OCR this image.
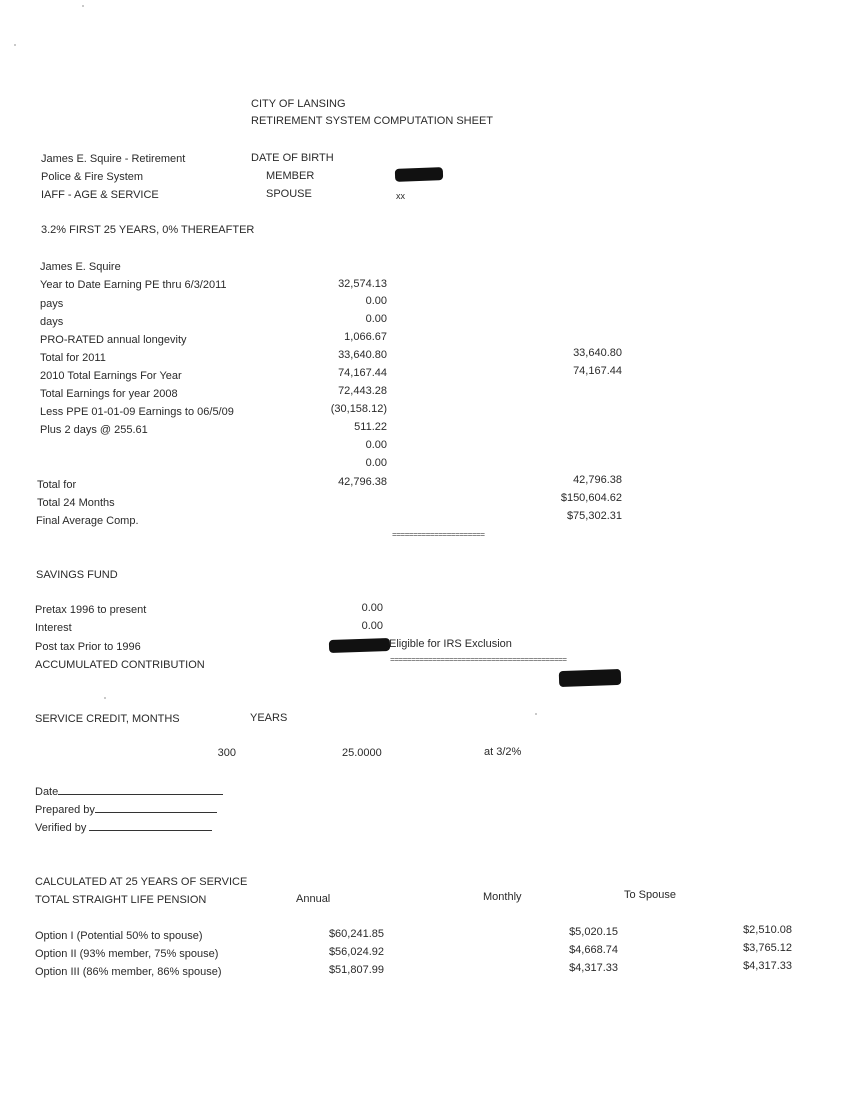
CITY OF LANSING
RETIREMENT SYSTEM COMPUTATION SHEET
James E. Squire - Retirement
Police & Fire System
IAFF - AGE & SERVICE
DATE OF BIRTH
MEMBER
SPOUSE	xx
3.2% FIRST 25 YEARS, 0% THEREAFTER
James E. Squire
Year to Date Earning PE thru 6/3/2011	32,574.13
pays	0.00
days	0.00
PRO-RATED annual longevity	1,066.67
Total for 2011	33,640.80	33,640.80
2010 Total Earnings For Year	74,167.44	74,167.44
Total Earnings for year 2008	72,443.28
Less PPE 01-01-09 Earnings to 06/5/09	(30,158.12)
Plus 2 days @ 255.61	511.22
0.00
0.00
Total for	42,796.38	42,796.38
Total 24 Months	$150,604.62
Final Average Comp.	$75,302.31
======================
SAVINGS FUND
Pretax 1996 to present	0.00
Interest	0.00
Post tax Prior to 1996	Eligible for IRS Exclusion
ACCUMULATED CONTRIBUTION	==========================================
SERVICE CREDIT, MONTHS	YEARS
300	25.0000	at 3/2%
Date
Prepared by
Verified by
CALCULATED AT 25 YEARS OF SERVICE
TOTAL STRAIGHT LIFE PENSION	Annual	Monthly	To Spouse
Option I (Potential 50% to spouse)	$60,241.85	$5,020.15	$2,510.08
Option II (93% member, 75% spouse)	$56,024.92	$4,668.74	$3,765.12
Option III (86% member, 86% spouse)	$51,807.99	$4,317.33	$4,317.33
